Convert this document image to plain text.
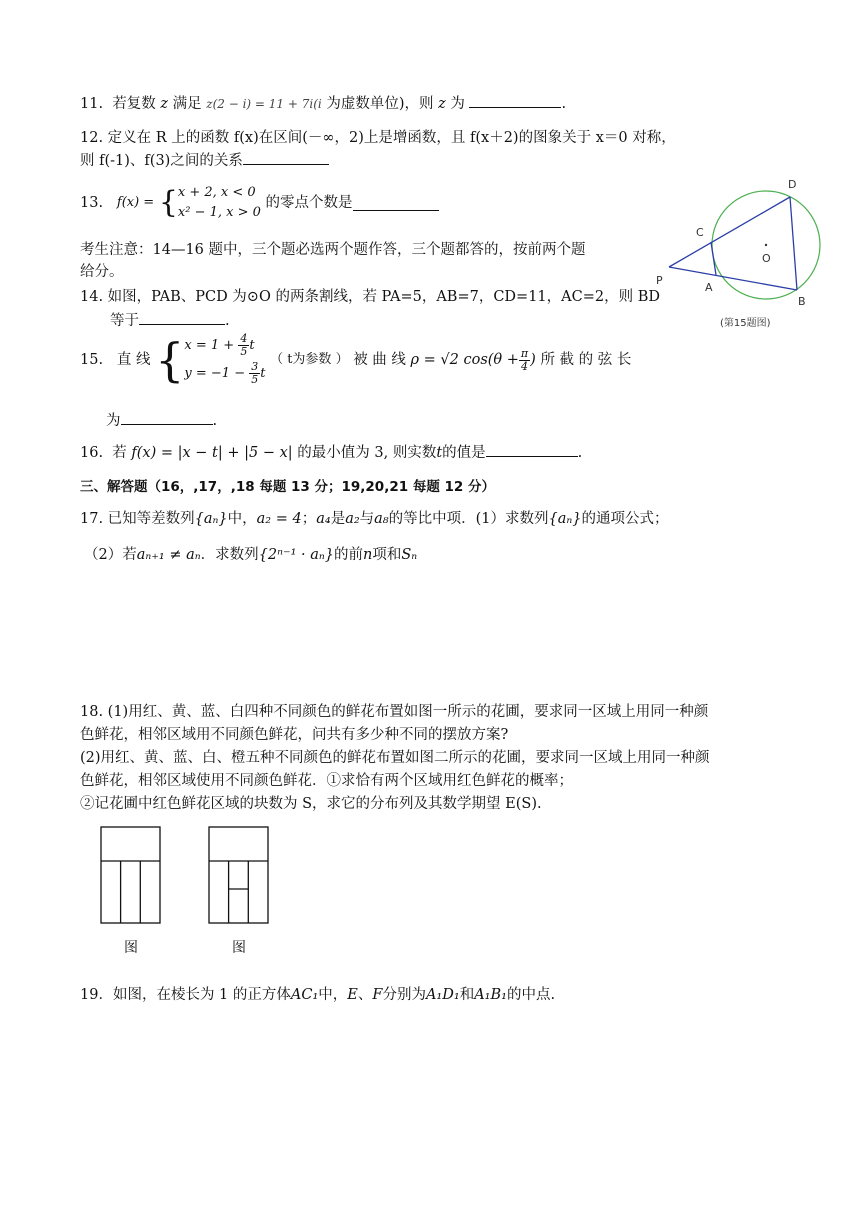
11. 若复数 z 满足 z(2 − i) = 11 + 7i(i 为虚数单位)，则 z 为	.
12. 定义在 R 上的函数 f(x)在区间(－∞，2)上是增函数，且 f(x＋2)的图象关于 x＝0 对称，
则 f(-1)、f(3)之间的关系
13. f(x) = { x + 2, x < 0
x² − 1, x > 0
的零点个数是
考生注意：14—16 题中，三个题必选两个题作答，三个题都答的，按前两个题
给分。
14. 如图，PAB、PCD 为⊙O 的两条割线，若 PA=5，AB=7，CD=11，AC=2，则 BD
等于	.
15. 直 线 { $x = 1 + \frac{4}{5}$ t
$y = -1 - \frac{3}{5}$ t
（ t为参数 ） 被 曲 线 ρ = √2 $\cos(\theta + \frac{\pi}{4}$ ) 所 截 的 弦 长
为	.
16. 若 f(x) = |x − t| + |5 − x| 的最小值为 3, 则实数t的值是	.
三、解答题（16，,17，,18 每题 13 分；19,20,21 每题 12 分）
17. 已知等差数列{aₙ}中，a₂ = 4；a₄是a₂与a₈的等比中项．(1）求数列{aₙ}的通项公式；
（2）若aₙ₊₁ ≠ aₙ．求数列{2ⁿ⁻¹ · aₙ}的前n项和Sₙ
18. (1)用红、黄、蓝、白四种不同颜色的鲜花布置如图一所示的花圃，要求同一区域上用同一种颜
色鲜花，相邻区域用不同颜色鲜花，问共有多少种不同的摆放方案?
(2)用红、黄、蓝、白、橙五种不同颜色的鲜花布置如图二所示的花圃，要求同一区域上用同一种颜
色鲜花，相邻区域使用不同颜色鲜花．①求恰有两个区域用红色鲜花的概率；
②记花圃中红色鲜花区域的块数为 S，求它的分布列及其数学期望 E(S).
图	图
19．如图，在棱长为 1 的正方体AC₁中，E、F分别为A₁D₁和A₁B₁的中点.
D
C
O
P
A
B
(第15题图)
